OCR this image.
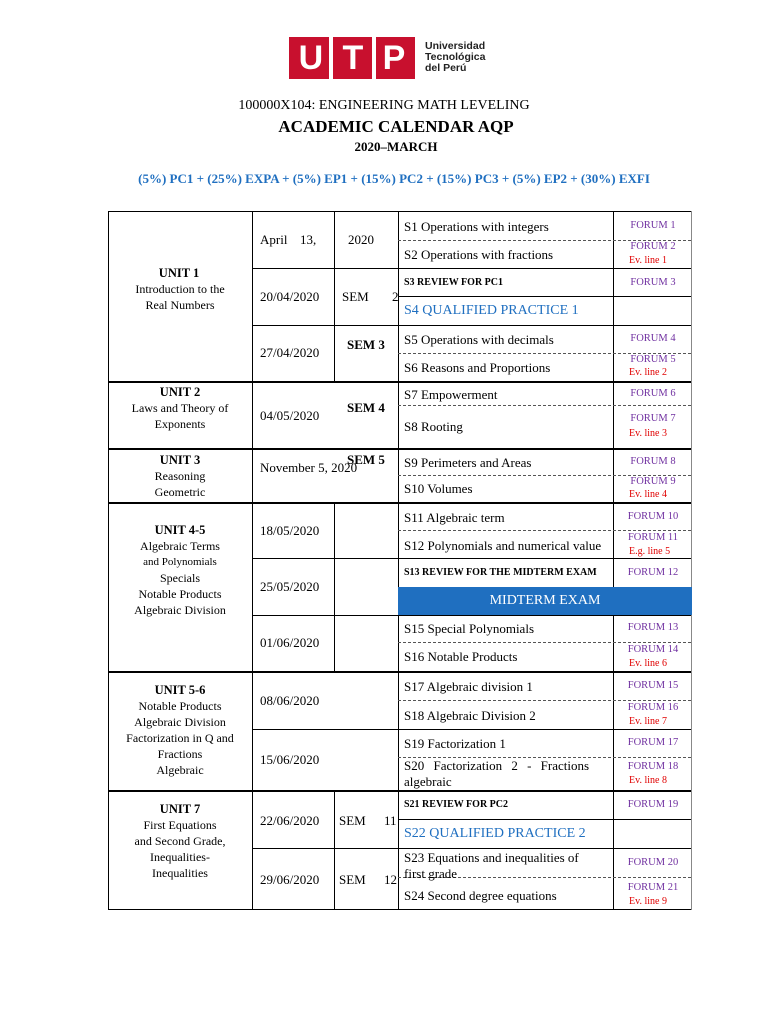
U T P Universidad
Tecnológica
del Perú
100000X104: ENGINEERING MATH LEVELING
ACADEMIC CALENDAR AQP
2020–MARCH
(5%) PC1 + (25%) EXPA + (5%) EP1 + (15%) PC2 + (15%) PC3 + (5%) EP2 + (30%) EXFI
UNIT 1
Introduction to the
Real Numbers
UNIT 2
Laws and Theory of
Exponents
UNIT 3
Reasoning
Geometric
UNIT 4-5
Algebraic Terms
and Polynomials
Specials
Notable Products
Algebraic Division
UNIT 5-6
Notable Products
Algebraic Division
Factorization in Q and
Fractions
Algebraic
UNIT 7
First Equations
and Second Grade,
Inequalities-
Inequalities
April 13, 2020
20/04/2020
27/04/2020
04/05/2020
November 5, 2020
18/05/2020
25/05/2020
01/06/2020
08/06/2020
15/06/2020
22/06/2020
29/06/2020
SEM 2
SEM 3
SEM 4
SEM 5
SEM 11
SEM 12
S1 Operations with integers
S2 Operations with fractions
S3 REVIEW FOR PC1
S4 QUALIFIED PRACTICE 1
S5 Operations with decimals
S6 Reasons and Proportions
S7 Empowerment
S8 Rooting
S9 Perimeters and Areas
S10 Volumes
S11 Algebraic term
S12 Polynomials and numerical value
S13 REVIEW FOR THE MIDTERM EXAM
MIDTERM EXAM
S15 Special Polynomials
S16 Notable Products
S17 Algebraic division 1
S18 Algebraic Division 2
S19 Factorization 1
S20 Factorization 2 - Fractions
algebraic
S21 REVIEW FOR PC2
S22 QUALIFIED PRACTICE 2
S23 Equations and inequalities of
first grade
S24 Second degree equations
FORUM 1
FORUM 2
FORUM 3
FORUM 4
FORUM 5
FORUM 6
FORUM 7
FORUM 8
FORUM 9
FORUM 10
FORUM 11
FORUM 12
FORUM 13
FORUM 14
FORUM 15
FORUM 16
FORUM 17
FORUM 18
FORUM 19
FORUM 20
FORUM 21
Ev. line 1
Ev. line 2
Ev. line 3
Ev. line 4
E.g. line 5
Ev. line 6
Ev. line 7
Ev. line 8
Ev. line 9
